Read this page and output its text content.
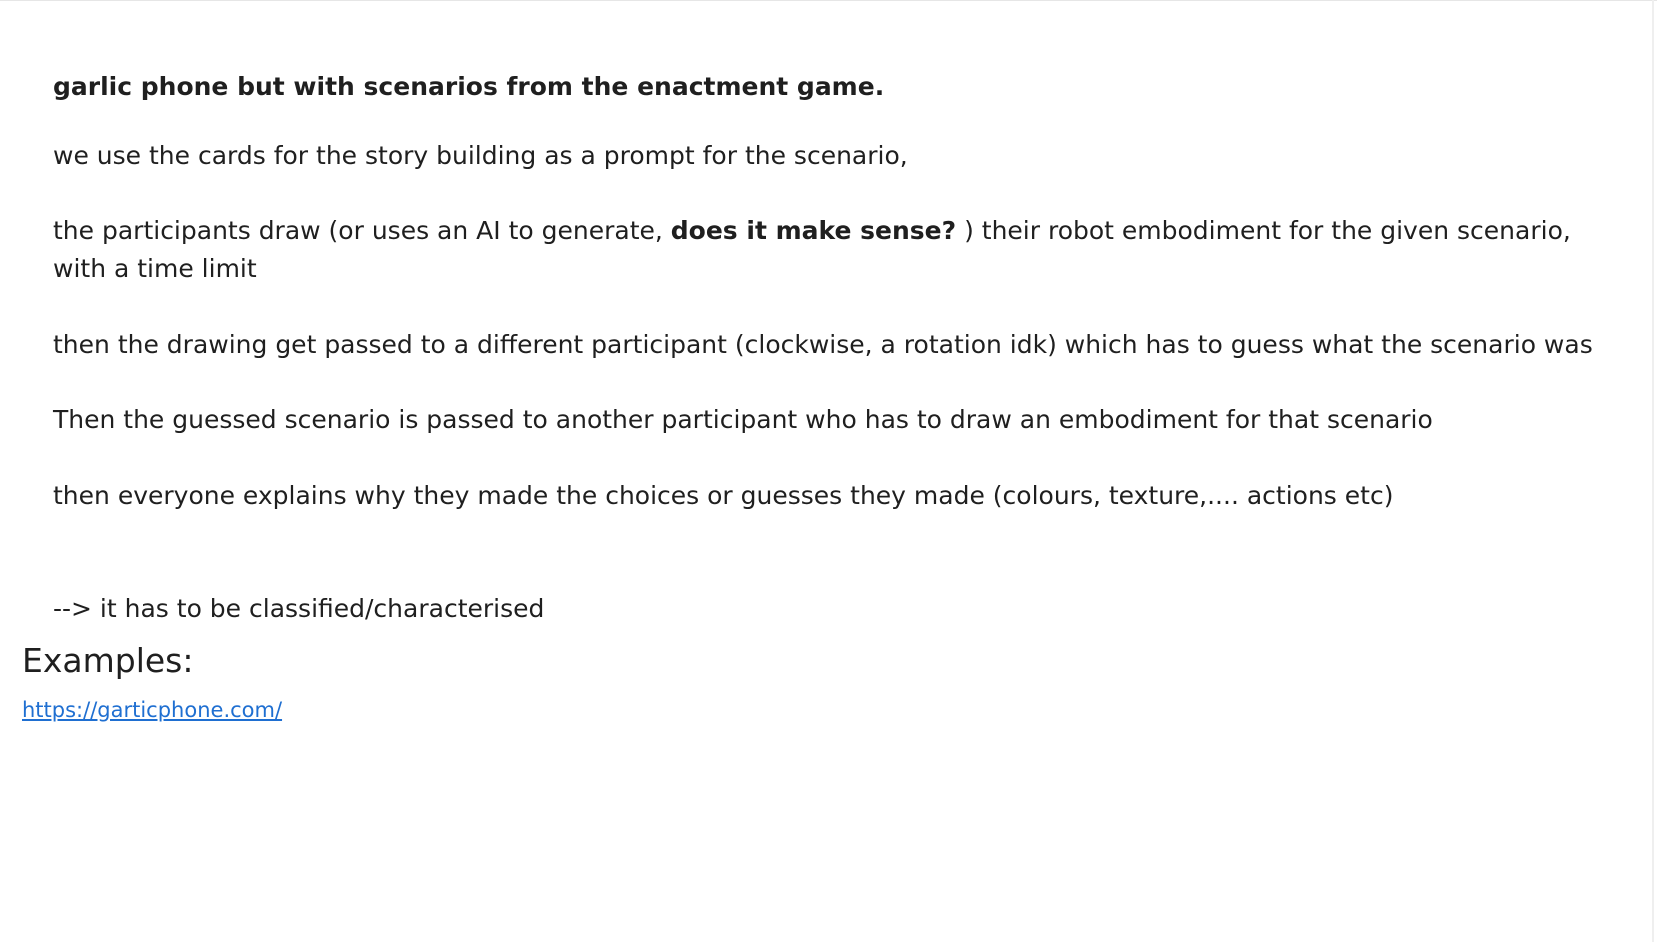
garlic phone but with scenarios from the enactment game.

we use the cards for the story building as a prompt for the scenario,

the participants draw (or uses an AI to generate, does it make sense? ) their robot embodiment for the given scenario, with a time limit

then the drawing get passed to a different participant (clockwise, a rotation idk) which has to guess what the scenario was

Then the guessed scenario is passed to another participant who has to draw an embodiment for that scenario

then everyone explains why they made the choices or guesses they made (colours, texture,.... actions etc)

--> it has to be classified/characterised

Examples:
https://garticphone.com/
